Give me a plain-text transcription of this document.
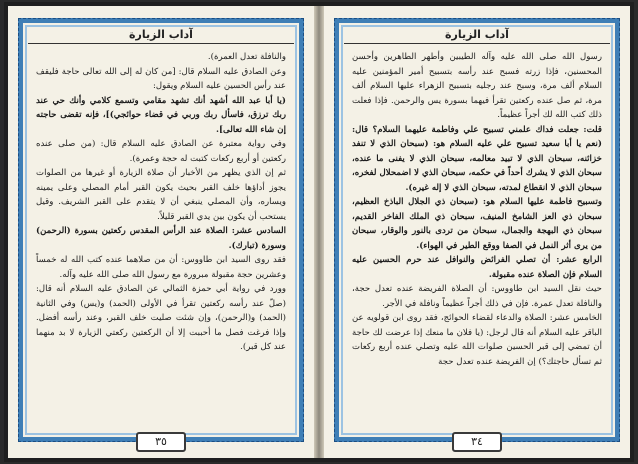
آداب الزيارة

والنافلة تعدل العمرة).

وعن الصادق عليه السلام قال: [من كان له إلى الله تعالى حاجة فليقف عند رأس الحسين عليه السلام ويقول:

(يا أبا عبد الله أشهد أنك تشهد مقامي وتسمع كلامي وأنك حي عند ربك ترزق، فاسأل ربك وربي في قضاء حوائجي)]، فإنه تقضى حاجته إن شاء الله تعالى].

وفي رواية معتبرة عن الصادق عليه السلام قال: (من صلى عنده ركعتين أو أربع ركعات كتبت له حجة وعمرة).

ثم إن الذي يظهر من الأخبار أن صلاة الزيارة أو غيرها من الصلوات يجوز أداؤها خلف القبر بحيث يكون القبر أمام المصلي وعلى يمينه ويساره، وأن المصلي ينبغي أن لا يتقدم على القبر الشريف. وقيل يستحب أن يكون بين يدي القبر قليلاً.

السادس عشر: الصلاة عند الرأس المقدس ركعتين بسورة (الرحمن) وسورة (تبارك).

فقد روى السيد ابن طاووس: أن من صلاهما عنده كتب الله له خمساً وعشرين حجة مقبولة مبرورة مع رسول الله صلى الله عليه وآله.

وورد في رواية أبي حمزة الثمالي عن الصادق عليه السلام أنه قال: (صلّ عند رأسه ركعتين تقرأ في الأولى (الحمد) و(يس) وفي الثانية (الحمد) و(الرحمن)، وإن شئت صليت خلف القبر، وعند رأسه أفضل. وإذا فرغت فصل ما أحببت إلا أن الركعتين ركعتي الزيارة لا بد منهما عند كل قبر).

٣٥
آداب الزيارة

رسول الله صلى الله عليه وآله الطيبين وأطهر الطاهرين وأحسن المحسنين، فإذا زرته فسبح عند رأسه بتسبيح أمير المؤمنين عليه السلام ألف مرة، وسبح عند رجليه بتسبيح الزهراء عليها السلام ألف مرة، ثم صل عنده ركعتين تقرأ فيهما بسورة يس والرحمن. فإذا فعلت ذلك كتب الله لك أجراً عظيماً.

قلت: جعلت فداك علمني تسبيح علي وفاطمة عليهما السلام؟ قال: (نعم يا أبا سعيد تسبيح علي عليه السلام هو: (سبحان الذي لا تنفد خزائنه، سبحان الذي لا تبيد معالمه، سبحان الذي لا يفنى ما عنده، سبحان الذي لا يشرك أحداً في حكمه، سبحان الذي لا اضمحلال لفخره، سبحان الذي لا انقطاع لمدته، سبحان الذي لا إله غيره).

وتسبيح فاطمة عليها السلام هو: (سبحان ذي الجلال الباذخ العظيم، سبحان ذي العز الشامخ المنيف، سبحان ذي الملك الفاخر القديم، سبحان ذي البهجة والجمال، سبحان من تردى بالنور والوقار، سبحان من يرى أثر النمل في الصفا ووقع الطير في الهواء).

الرابع عشر: أن تصلي الفرائض والنوافل عند حرم الحسين عليه السلام فإن الصلاة عنده مقبولة.

حيث نقل السيد ابن طاووس: أن الصلاة الفريضة عنده تعدل حجة، والنافلة تعدل عمرة. فإن في ذلك أجراً عظيماً ونافلة في الأجر.

الخامس عشر: الصلاة والدعاء لقضاء الحوائج، فقد روى ابن قولويه عن الباقر عليه السلام أنه قال لرجل: (يا فلان ما منعك إذا عرضت لك حاجة أن تمضي إلى قبر الحسين صلوات الله عليه وتصلي عنده أربع ركعات ثم تسأل حاجتك؟) إن الفريضة عنده تعدل حجة

٣٤
